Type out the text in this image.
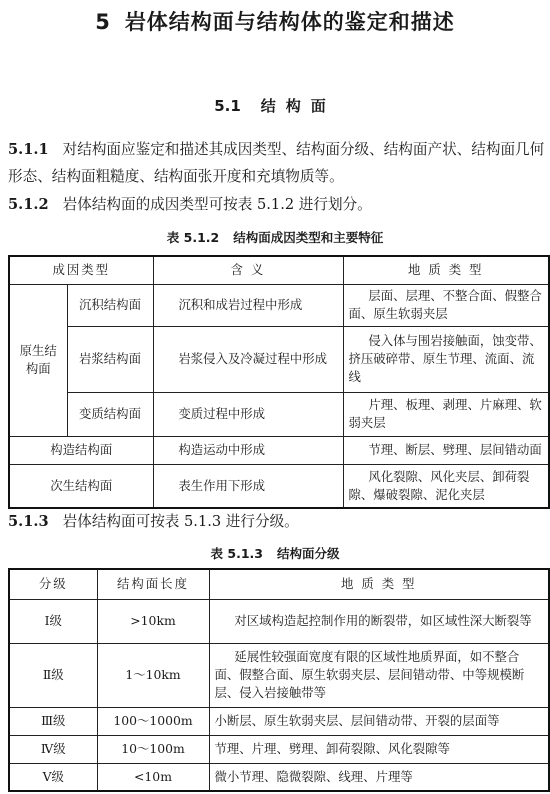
5 岩体结构面与结构体的鉴定和描述
5.1 结构面
5.1.1 对结构面应鉴定和描述其成因类型、结构面分级、结构面产状、结构面几何形态、结构面粗糙度、结构面张开度和充填物质等。
5.1.2 岩体结构面的成因类型可按表 5.1.2 进行划分。
表 5.1.2 结构面成因类型和主要特征
成因类型		含 义	地 质 类 型
原生结构面	沉积结构面	沉积和成岩过程中形成	层面、层理、不整合面、假整合面、原生软弱夹层
	岩浆结构面	岩浆侵入及冷凝过程中形成	侵入体与围岩接触面，蚀变带、挤压破碎带、原生节理、流面、流线
	变质结构面	变质过程中形成	片理、板理、剥理、片麻理、软弱夹层
构造结构面		构造运动中形成	节理、断层、劈理、层间错动面
次生结构面		表生作用下形成	风化裂隙、风化夹层、卸荷裂隙、爆破裂隙、泥化夹层
5.1.3 岩体结构面可按表 5.1.3 进行分级。
表 5.1.3 结构面分级
分级	结构面长度	地 质 类 型
Ⅰ级	>10km	对区域构造起控制作用的断裂带，如区域性深大断裂等
Ⅱ级	1～10km	延展性较强面宽度有限的区域性地质界面，如不整合面、假整合面、原生软弱夹层、层间错动带、中等规模断层、侵入岩接触带等
Ⅲ级	100～1000m	小断层、原生软弱夹层、层间错动带、开裂的层面等
Ⅳ级	10～100m	节理、片理、劈理、卸荷裂隙、风化裂隙等
Ⅴ级	<10m	微小节理、隐微裂隙、线理、片理等
